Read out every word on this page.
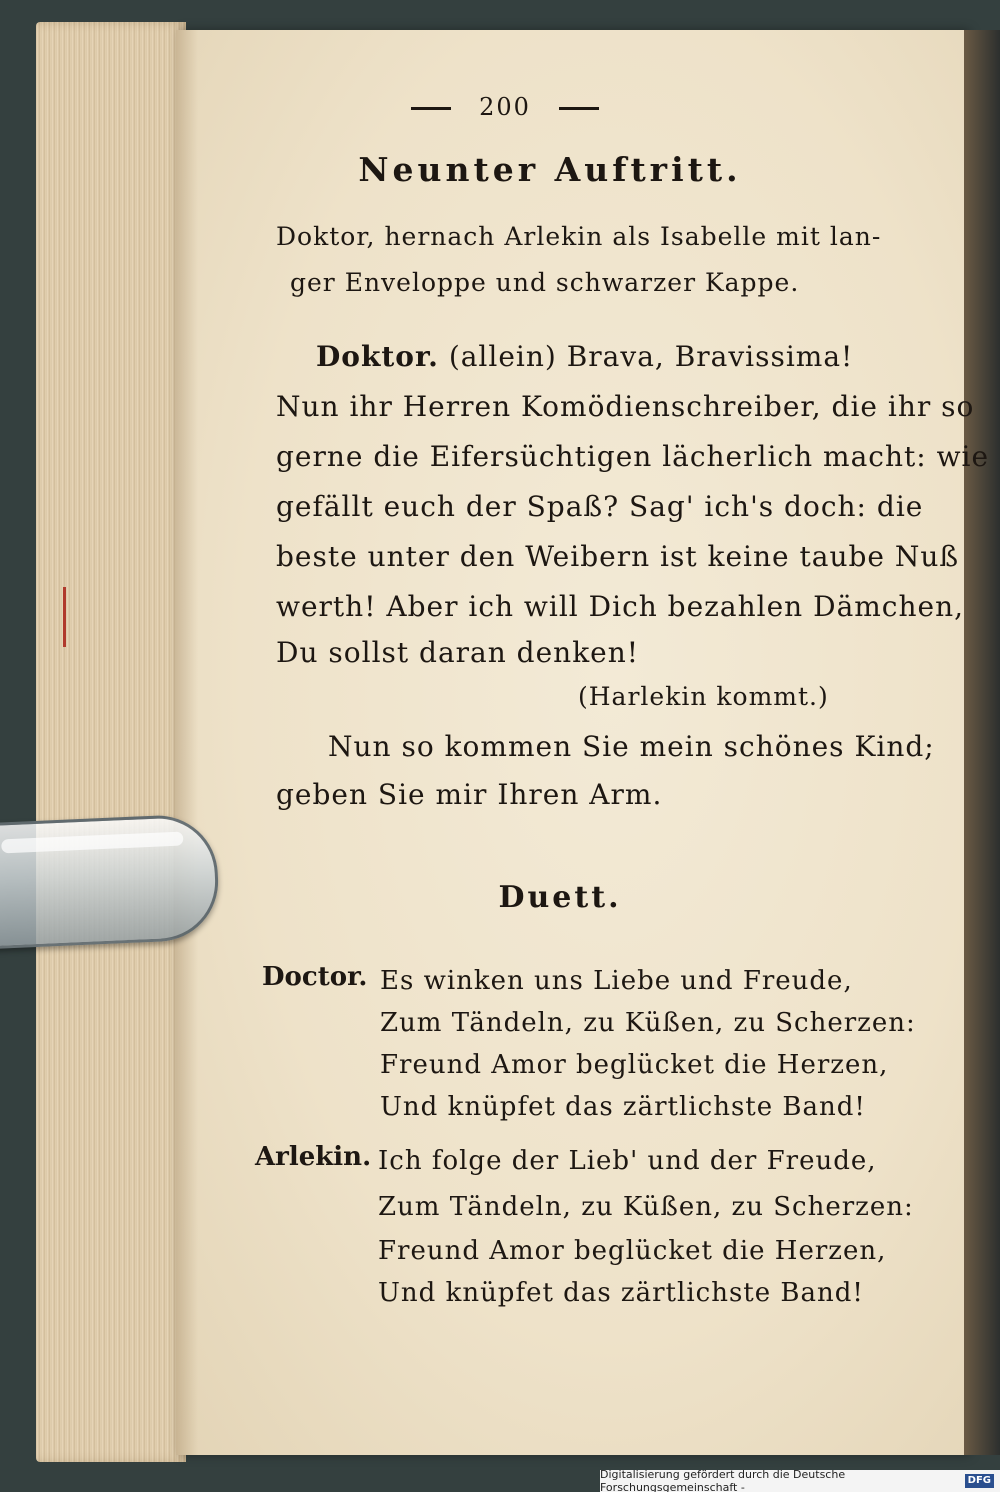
200
Neunter Auftritt.
Doktor, hernach Arlekin als Isabelle mit lan-
ger Enveloppe und schwarzer Kappe.
Doktor. (allein) Brava, Bravissima!
Nun ihr Herren Komödienschreiber, die ihr so
gerne die Eifersüchtigen lächerlich macht: wie
gefällt euch der Spaß? Sag' ich's doch: die
beste unter den Weibern ist keine taube Nuß
werth! Aber ich will Dich bezahlen Dämchen,
Du sollst daran denken!
(Harlekin kommt.)
Nun so kommen Sie mein schönes Kind;
geben Sie mir Ihren Arm.
Duett.
Doctor. Es winken uns Liebe und Freude,
Zum Tändeln, zu Küßen, zu Scherzen:
Freund Amor beglücket die Herzen,
Und knüpfet das zärtlichste Band!
Arlekin. Ich folge der Lieb' und der Freude,
Zum Tändeln, zu Küßen, zu Scherzen:
Freund Amor beglücket die Herzen,
Und knüpfet das zärtlichste Band!
Digitalisierung gefördert durch die Deutsche Forschungsgemeinschaft -
DFG
